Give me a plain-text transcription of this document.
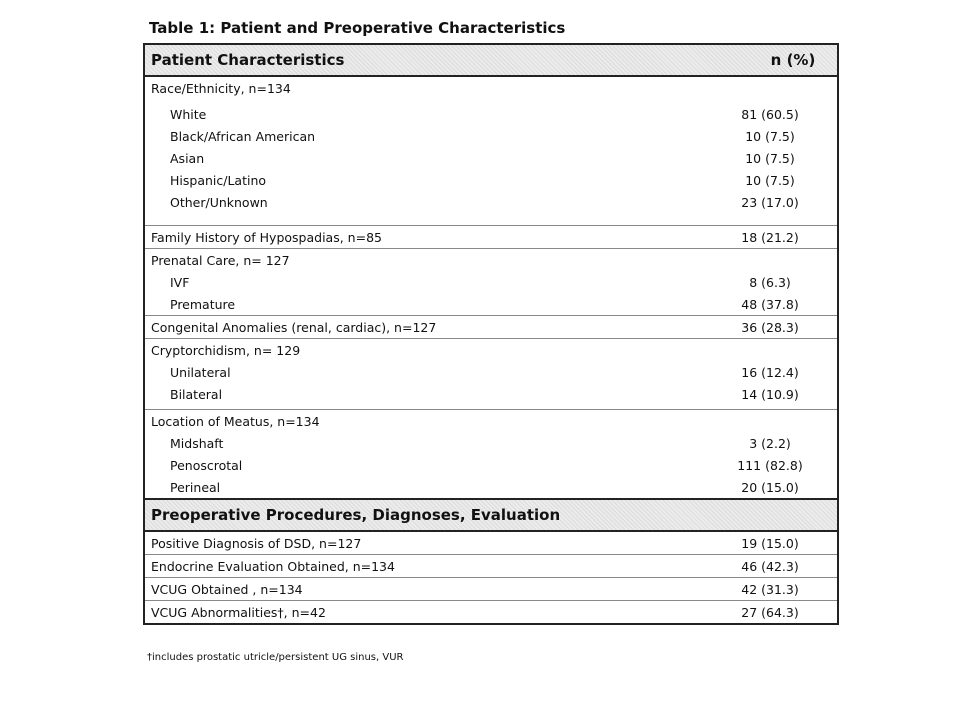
Table 1: Patient and Preoperative Characteristics
Patient Characteristics	n (%)
Race/Ethnicity, n=134
White	81 (60.5)
Black/African American	10 (7.5)
Asian	10 (7.5)
Hispanic/Latino	10 (7.5)
Other/Unknown	23 (17.0)
Family History of Hypospadias, n=85	18 (21.2)
Prenatal Care, n= 127
IVF	8 (6.3)
Premature	48 (37.8)
Congenital Anomalies (renal, cardiac), n=127	36 (28.3)
Cryptorchidism, n= 129
Unilateral	16 (12.4)
Bilateral	14 (10.9)
Location of Meatus, n=134
Midshaft	3 (2.2)
Penoscrotal	111 (82.8)
Perineal	20 (15.0)
Preoperative Procedures, Diagnoses, Evaluation
Positive Diagnosis of DSD, n=127	19 (15.0)
Endocrine Evaluation Obtained, n=134	46 (42.3)
VCUG Obtained , n=134	42 (31.3)
VCUG Abnormalities†, n=42	27 (64.3)
†includes prostatic utricle/persistent UG sinus, VUR
